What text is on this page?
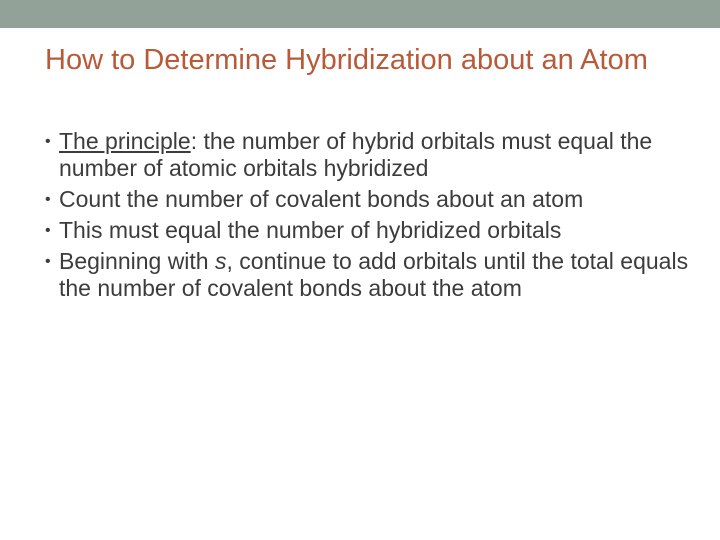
How to Determine Hybridization about an Atom
• The principle: the number of hybrid orbitals must equal the number of atomic orbitals hybridized
• Count the number of covalent bonds about an atom
• This must equal the number of hybridized orbitals
• Beginning with s, continue to add orbitals until the total equals the number of covalent bonds about the atom
